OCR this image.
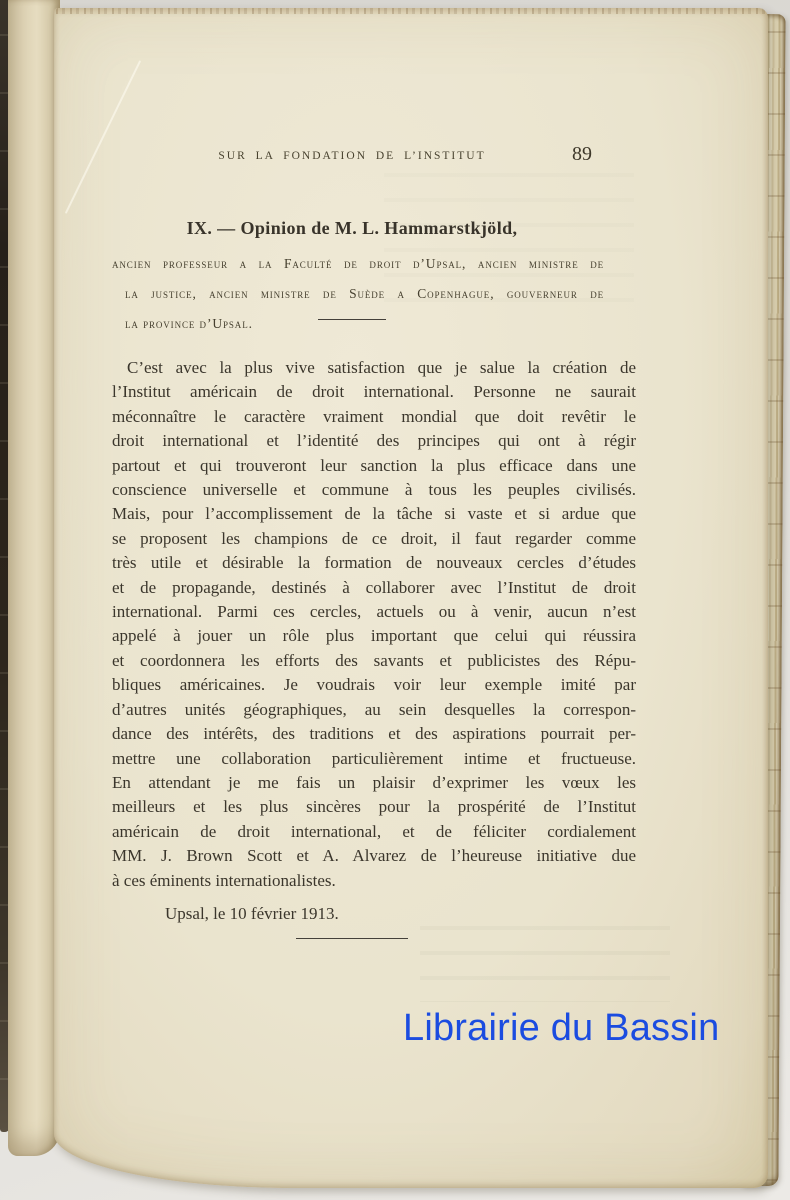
SUR LA FONDATION DE L’INSTITUT	89
IX. — Opinion de M. L. Hammarstkjöld,
ancien professeur a la Faculté de droit d’Upsal, ancien ministre de
la justice, ancien ministre de Suède a Copenhague, gouverneur de
la province d’Upsal.
C’est avec la plus vive satisfaction que je salue la création de
l’Institut américain de droit international. Personne ne saurait
méconnaître le caractère vraiment mondial que doit revêtir le
droit international et l’identité des principes qui ont à régir
partout et qui trouveront leur sanction la plus efficace dans une
conscience universelle et commune à tous les peuples civilisés.
Mais, pour l’accomplissement de la tâche si vaste et si ardue que
se proposent les champions de ce droit, il faut regarder comme
très utile et désirable la formation de nouveaux cercles d’études
et de propagande, destinés à collaborer avec l’Institut de droit
international. Parmi ces cercles, actuels ou à venir, aucun n’est
appelé à jouer un rôle plus important que celui qui réussira
et coordonnera les efforts des savants et publicistes des Répu-
bliques américaines. Je voudrais voir leur exemple imité par
d’autres unités géographiques, au sein desquelles la correspon-
dance des intérêts, des traditions et des aspirations pourrait per-
mettre une collaboration particulièrement intime et fructueuse.
En attendant je me fais un plaisir d’exprimer les vœux les
meilleurs et les plus sincères pour la prospérité de l’Institut
américain de droit international, et de féliciter cordialement
MM. J. Brown Scott et A. Alvarez de l’heureuse initiative due
à ces éminents internationalistes.
Upsal, le 10 février 1913.
Librairie du Bassin
